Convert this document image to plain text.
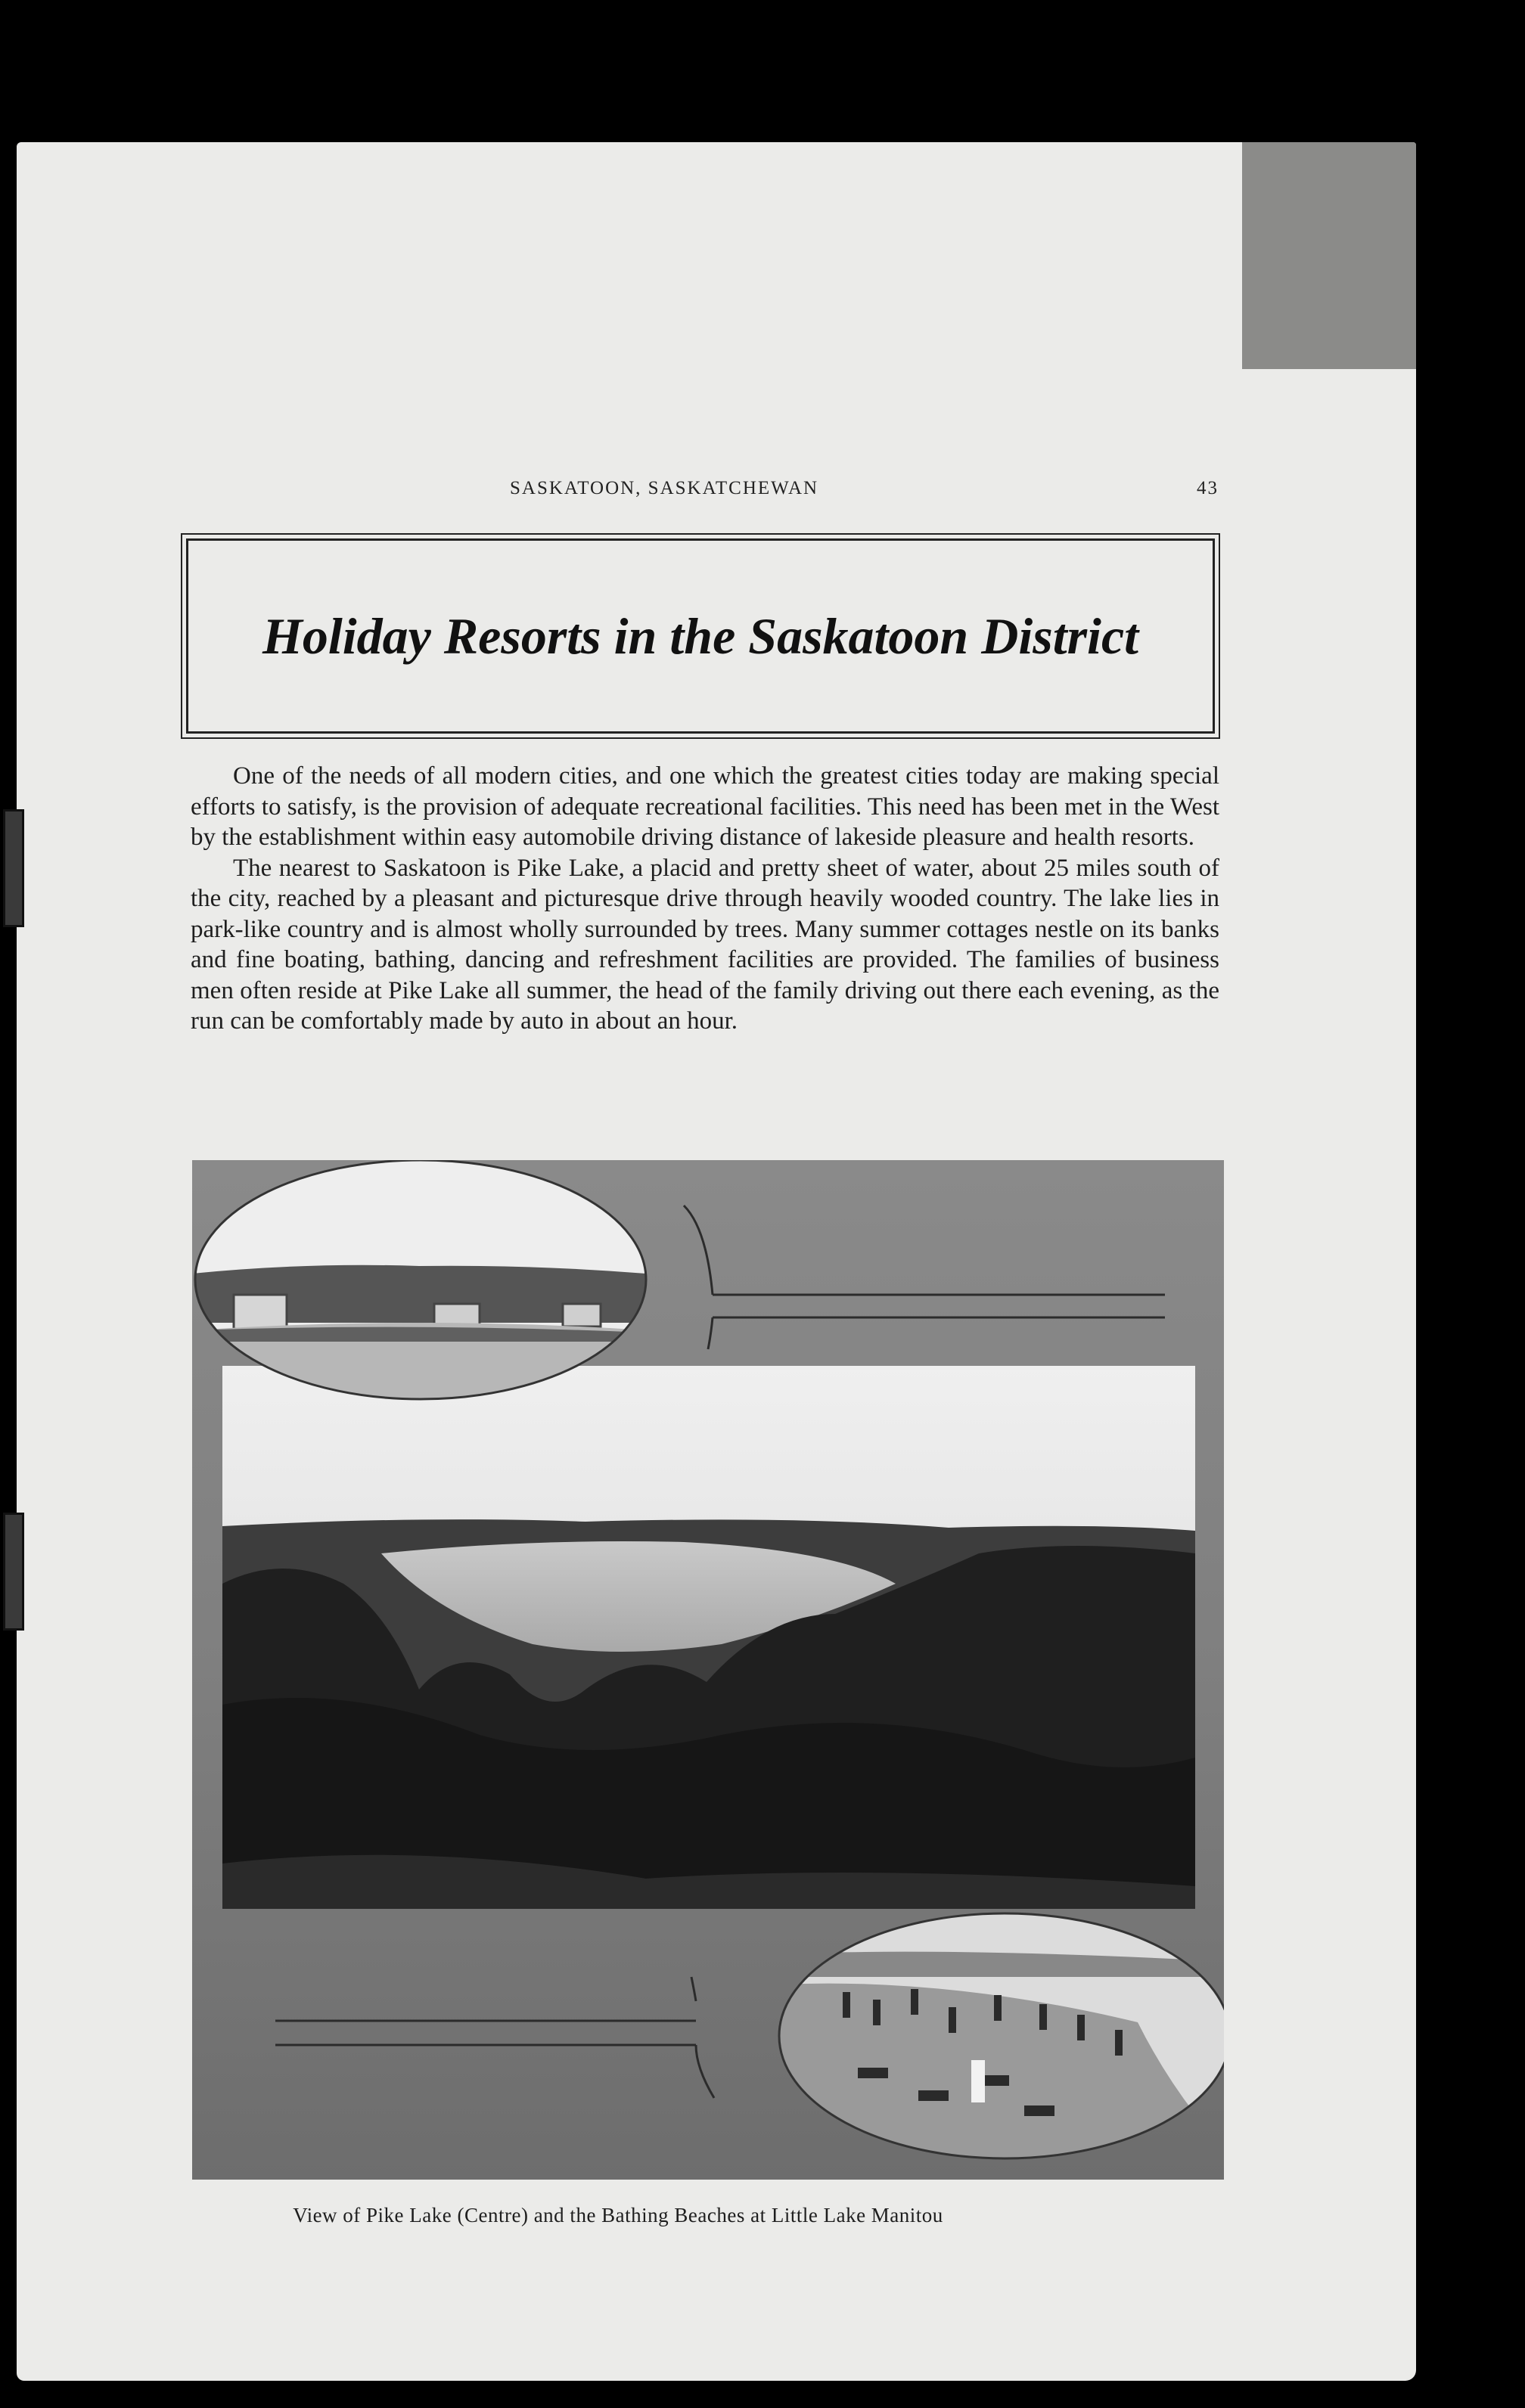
SASKATOON, SASKATCHEWAN	43
Holiday Resorts in the Saskatoon District

One of the needs of all modern cities, and one which the greatest cities today are making special efforts to satisfy, is the provision of adequate recreational facilities. This need has been met in the West by the establishment within easy automobile driving distance of lakeside pleasure and health resorts.

The nearest to Saskatoon is Pike Lake, a placid and pretty sheet of water, about 25 miles south of the city, reached by a pleasant and picturesque drive through heavily wooded country. The lake lies in park-like country and is almost wholly surrounded by trees. Many summer cottages nestle on its banks and fine boating, bathing, dancing and refreshment facilities are provided. The families of business men often reside at Pike Lake all summer, the head of the family driving out there each evening, as the run can be comfortably made by auto in about an hour.

View of Pike Lake (Centre) and the Bathing Beaches at Little Lake Manitou
